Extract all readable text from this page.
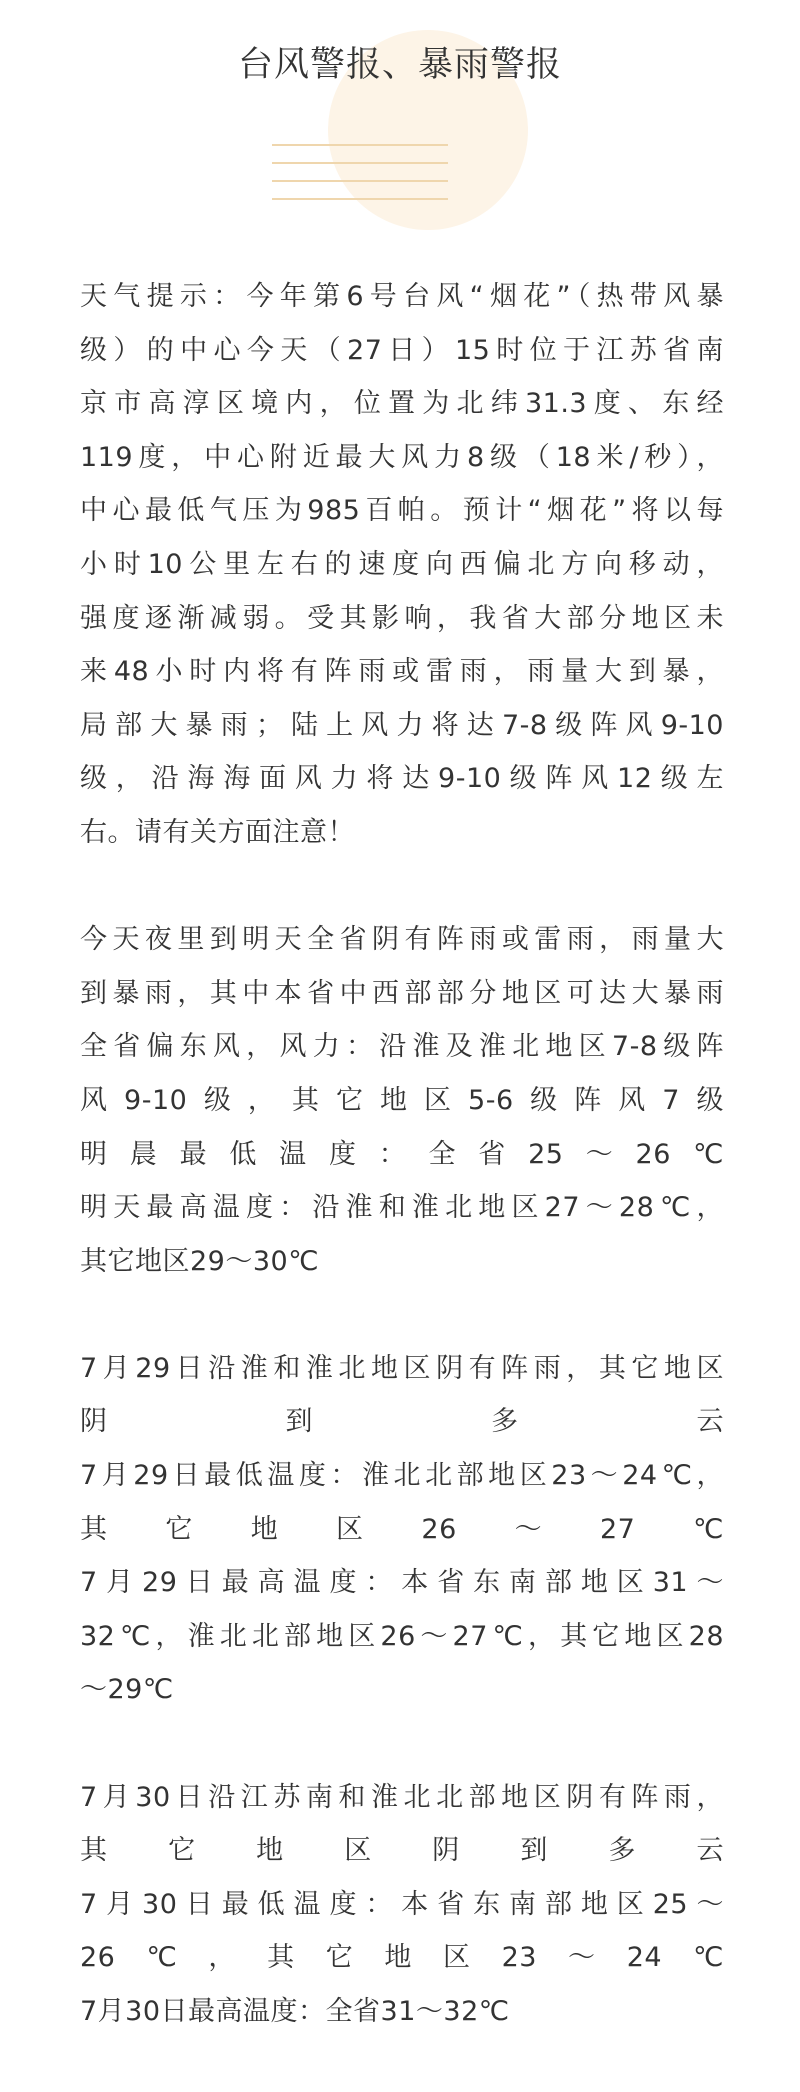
台风警报、暴雨警报
天气提示：今年第6号台风“烟花”（热带风暴
级）的中心今天（27日）15时位于江苏省南
京市高淳区境内，位置为北纬31.3度、东经
119度，中心附近最大风力8级（18米/秒），
中心最低气压为985百帕。预计“烟花”将以每
小时10公里左右的速度向西偏北方向移动，
强度逐渐减弱。受其影响，我省大部分地区未
来48小时内将有阵雨或雷雨，雨量大到暴，
局部大暴雨；陆上风力将达7-8级阵风9-10
级，沿海海面风力将达9-10级阵风12级左
右。请有关方面注意！
今天夜里到明天全省阴有阵雨或雷雨，雨量大
到暴雨，其中本省中西部部分地区可达大暴雨
全省偏东风，风力：沿淮及淮北地区7-8级阵
风9-10级，其它地区5-6级阵风7级
明晨最低温度：全省25～26℃
明天最高温度：沿淮和淮北地区27～28℃，
其它地区29～30℃
7月29日沿淮和淮北地区阴有阵雨，其它地区
阴到多云
7月29日最低温度：淮北北部地区23～24℃，
其它地区26～27℃
7月29日最高温度：本省东南部地区31～
32℃，淮北北部地区26～27℃，其它地区28
～29℃
7月30日沿江苏南和淮北北部地区阴有阵雨，
其它地区阴到多云
7月30日最低温度：本省东南部地区25～
26℃，其它地区23～24℃
7月30日最高温度：全省31～32℃
